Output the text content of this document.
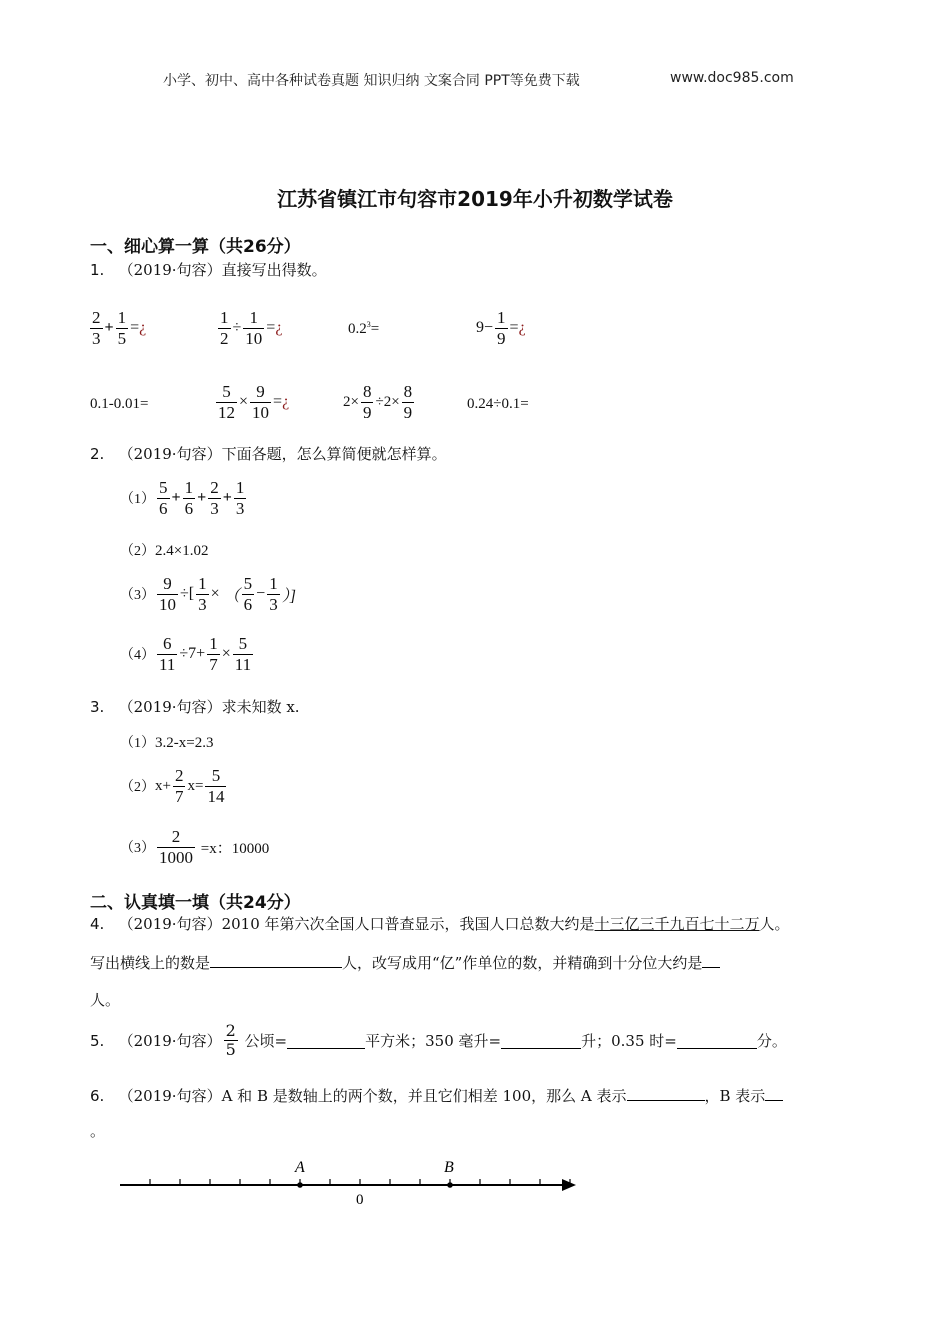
小学、初中、高中各种试卷真题 知识归纳 文案合同 PPT等免费下载	www.doc985.com
江苏省镇江市句容市2019年小升初数学试卷
一、细心算一算（共26分）
1. （2019·句容）直接写出得数。
$\frac{2}{3} + \frac{1}{5}$ = ¿	$\frac{1}{2} \div \frac{1}{10}$ = ¿	$0.2^3=$	$9 - \frac{1}{9}$ = ¿
0.1-0.01=	$\frac{5}{12} \times \frac{9}{10}$ = ¿	$2\times \frac{8}{9} \div 2\times \frac{8}{9}$	0.24÷0.1=
2. （2019·句容）下面各题，怎么算简便就怎样算。
$(1) \frac{5}{6} + \frac{1}{6} + \frac{2}{3} + \frac{1}{3}$
（2）2.4×1.02
$(3) \frac{9}{10}$ ÷[ $\frac{1}{3}$ ×
（ $\frac{5}{6} - \frac{1}{3}$ ）]
$(4) \frac{6}{11} \div 7+ \frac{1}{7} \times \frac{5}{11}$
3. （2019·句容）求未知数 x.
（1）3.2-x=2.3
（2） $x+ \frac{2}{7} x= \frac{5}{14}$
$(3) \frac{2}{1000}$
=x：10000
二、认真填一填（共24分）
4. （2019·句容）2010 年第六次全国人口普查显示，我国人口总数大约是十三亿三千九百七十二万人。
写出横线上的数是	人，改写成用“亿”作单位的数，并精确到十分位大约是
人。
5.
（2019·句容） $\frac{2}{5}$
公顷=	平方米；350 毫升=	升；0.35 时=	分。
6. （2019·句容）A 和 B 是数轴上的两个数，并且它们相差 100，那么 A 表示	，B 表示
。
A	B
0
